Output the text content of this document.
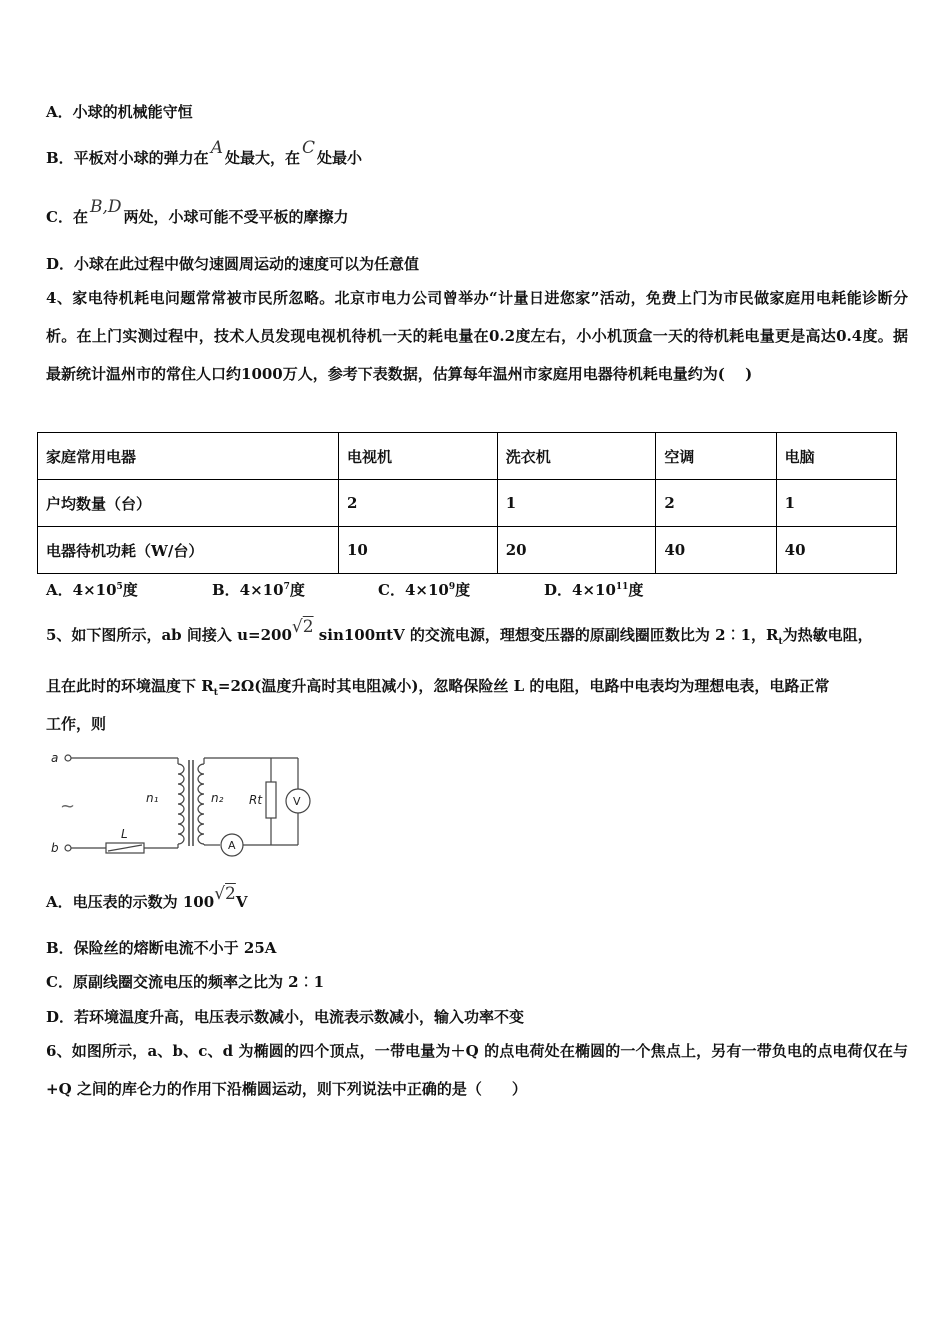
A．小球的机械能守恒
B．平板对小球的弹力在 A 处最大，在 C 处最小
C．在 B,D 两处，小球可能不受平板的摩擦力
D．小球在此过程中做匀速圆周运动的速度可以为任意值
4、家电待机耗电问题常常被市民所忽略。北京市电力公司曾举办“计量日进您家”活动，免费上门为市民做家庭用电耗能诊断分析。在上门实测过程中，技术人员发现电视机待机一天的耗电量在0.2度左右，小小机顶盒一天的待机耗电量更是高达0.4度。据最新统计温州市的常住人口约1000万人，参考下表数据，估算每年温州市家庭用电器待机耗电量约为(　 )
家庭常用电器	电视机	洗衣机	空调	电脑
户均数量（台）	2	1	2	1
电器待机功耗（W/台）	10	20	40	40
A．$4\times 10^5$度	B．$4\times 10^7$度	C．$4\times 10^9$度	D．$4\times 10^{11}$度
5、如下图所示，ab 间接入 u=200√2 sin100πtV 的交流电源，理想变压器的原副线圈匝数比为 2︰1，$R_t$为热敏电阻，
且在此时的环境温度下 $R_t=2\Omega$(温度升高时其电阻减小)，忽略保险丝 L 的电阻，电路中电表均为理想电表，电路正常
工作，则
a
b
n₁	n₂ Rt
L
V
A
~
A．电压表的示数为 100√2V
B．保险丝的熔断电流不小于 25A
C．原副线圈交流电压的频率之比为 2︰1
D．若环境温度升高，电压表示数减小，电流表示数减小，输入功率不变
6、如图所示，a、b、c、d 为椭圆的四个顶点，一带电量为＋Q 的点电荷处在椭圆的一个焦点上，另有一带负电的点电荷仅在与+Q 之间的库仑力的作用下沿椭圆运动，则下列说法中正确的是（　　）
